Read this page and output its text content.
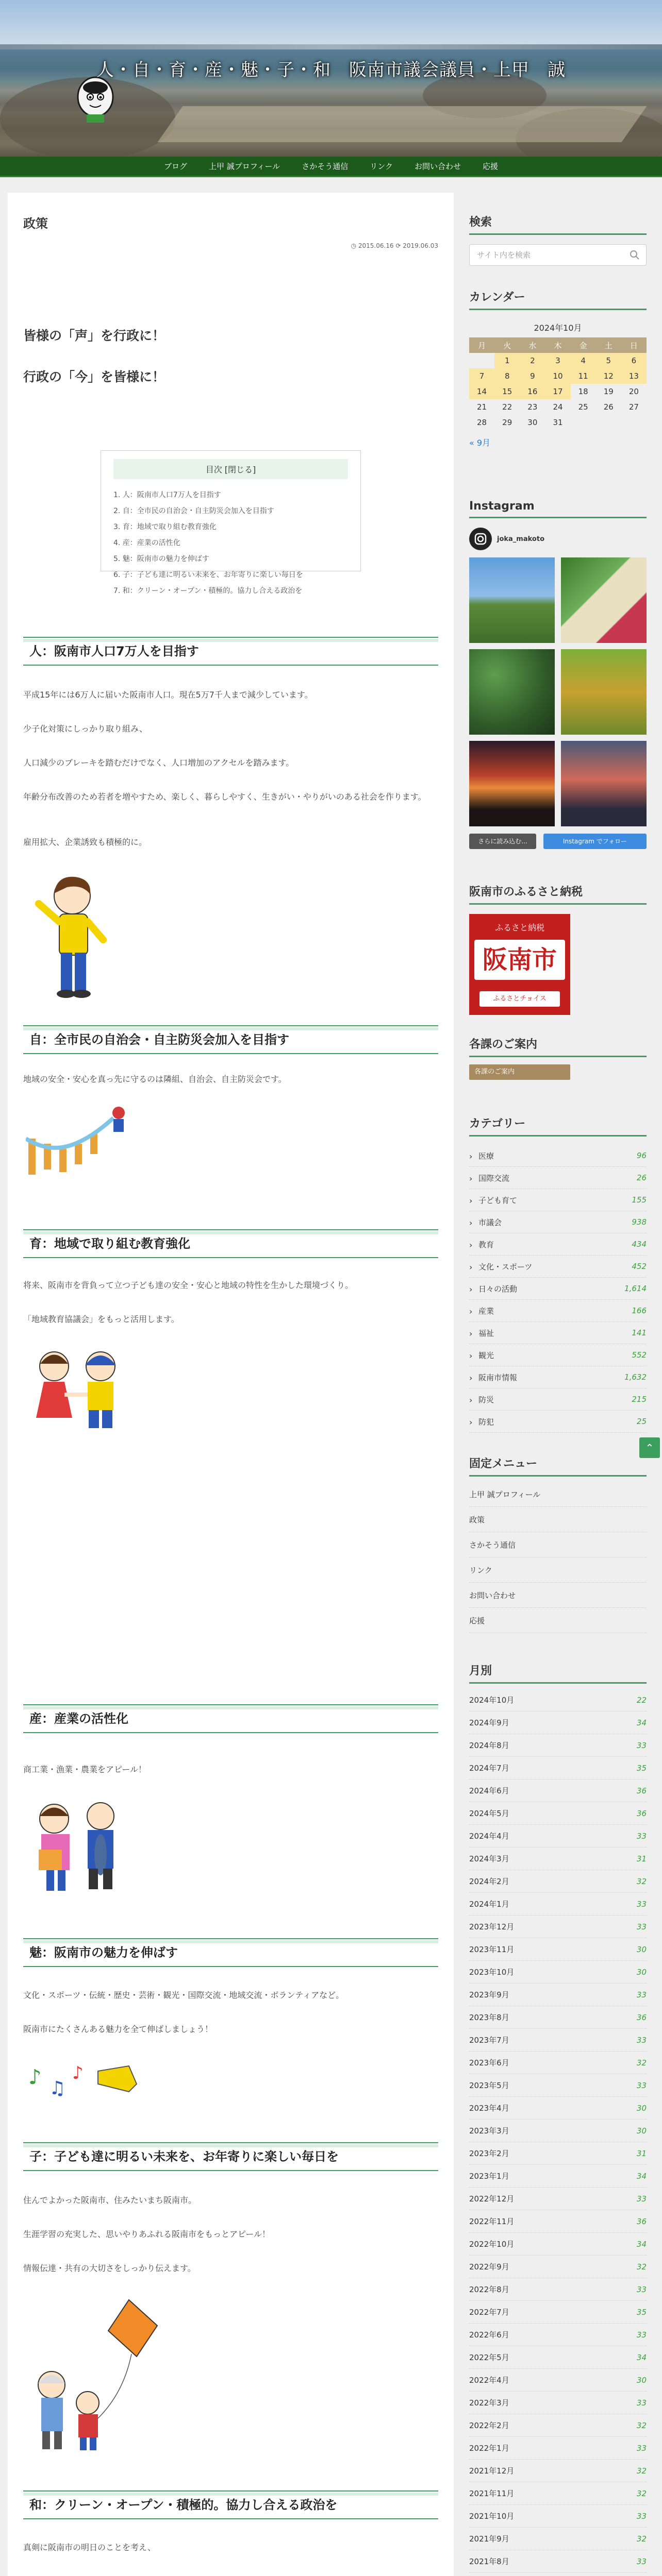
人・自・育・産・魅・子・和　阪南市議会議員・上甲　誠
ブログ	上甲 誠プロフィール	さかそう通信	リンク	お問い合わせ	応援
政策
◷ 2015.06.16 ⟳ 2019.06.03
皆様の「声」を行政に！
行政の「今」を皆様に！
目次 [閉じる]
1. 人：阪南市人口7万人を目指す
2. 自：全市民の自治会・自主防災会加入を目指す
3. 育：地域で取り組む教育強化
4. 産：産業の活性化
5. 魅：阪南市の魅力を伸ばす
6. 子：子ども達に明るい未来を、お年寄りに楽しい毎日を
7. 和：クリーン・オープン・積極的。協力し合える政治を
人：阪南市人口7万人を目指す

平成15年には6万人に届いた阪南市人口。現在5万7千人まで減少しています。

少子化対策にしっかり取り組み、

人口減少のブレーキを踏むだけでなく、人口増加のアクセルを踏みます。

年齢分布改善のため若者を増やすため、楽しく、暮らしやすく、生きがい・やりがいのある社会を作ります。

雇用拡大、企業誘致も積極的に。

自：全市民の自治会・自主防災会加入を目指す

地域の安全・安心を真っ先に守るのは隣組、自治会、自主防災会です。

育：地域で取り組む教育強化

将来、阪南市を背負って立つ子ども達の安全・安心と地域の特性を生かした環境づくり。

「地域教育協議会」をもっと活用します。

産：産業の活性化

商工業・漁業・農業をアピール！

魅：阪南市の魅力を伸ばす

文化・スポーツ・伝統・歴史・芸術・観光・国際交流・地域交流・ボランティアなど。

阪南市にたくさんある魅力を全て伸ばしましょう！

♪ ♫
♪
子：子ども達に明るい未来を、お年寄りに楽しい毎日を

住んでよかった阪南市、住みたいまち阪南市。

生涯学習の充実した、思いやりあふれる阪南市をもっとアピール！

情報伝達・共有の大切さをしっかり伝えます。

和：クリーン・オープン・積極的。協力し合える政治を

真剣に阪南市の明日のことを考え、

検索
サイト内を検索
カレンダー
2024年10月
月	火	水	木	金	土	日
	1	2	3	4	5	6
7	8	9	10	11	12	13
14	15	16	17	18	19	20
21	22	23	24	25	26	27
28	29	30	31			
« 9月
Instagram
joka_makoto
さらに読み込む...	Instagram でフォロー
阪南市のふるさと納税
ふるさと納税
阪南市
ふるさとチョイス
各課のご案内
各課のご案内
カテゴリー
› 医療	96
› 国際交流	26
› 子ども育て	155
› 市議会	938
› 教育	434
› 文化・スポーツ	452
› 日々の活動	1,614
› 産業	166
› 福祉	141
› 観光	552
› 阪南市情報	1,632
› 防災	215
› 防犯	25
固定メニュー
上甲 誠プロフィール
政策
さかそう通信
リンク
お問い合わせ
応援
月別
2024年10月	22
2024年9月	34
2024年8月	33
2024年7月	35
2024年6月	36
2024年5月	36
2024年4月	33
2024年3月	31
2024年2月	32
2024年1月	33
2023年12月	33
2023年11月	30
2023年10月	30
2023年9月	33
2023年8月	36
2023年7月	33
2023年6月	32
2023年5月	33
2023年4月	30
2023年3月	30
2023年2月	31
2023年1月	34
2022年12月	33
2022年11月	36
2022年10月	34
2022年9月	32
2022年8月	33
2022年7月	35
2022年6月	33
2022年5月	34
2022年4月	30
2022年3月	33
2022年2月	32
2022年1月	33
2021年12月	32
2021年11月	32
2021年10月	33
2021年9月	32
2021年8月	33
⌃
